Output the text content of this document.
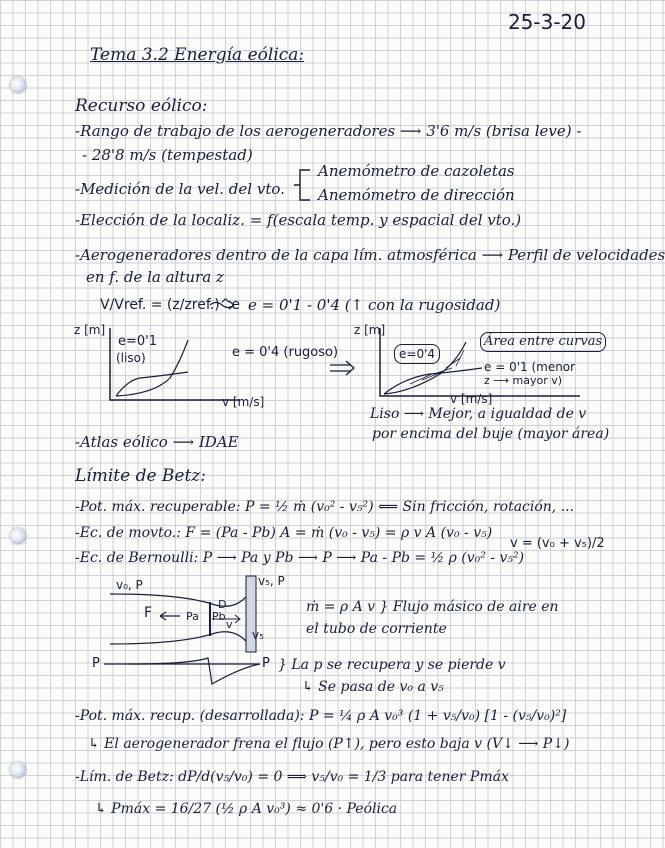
25-3-20
Tema 3.2 Energía eólica:
Recurso eólico:
-Rango de trabajo de los aerogeneradores ⟶ 3'6 m/s (brisa leve) -
- 28'8 m/s (tempestad)
-Medición de la vel. del vto.
Anemómetro de cazoletas
Anemómetro de dirección
-Elección de la localiz. = f(escala temp. y espacial del vto.)
-Aerogeneradores dentro de la capa lím. atmosférica ⟶ Perfil de velocidades
en f. de la altura z
V/Vref. = (z/zref.)^e e = 0'1 - 0'4 (↑ con la rugosidad)
z [m]
e=0'1
(liso)	e = 0'4 (rugoso)
v [m/s]
z [m]
e=0'4
Área entre curvas
e = 0'1 (menor
z ⟶ mayor v)
v [m/s]
Liso ⟶ Mejor, a igualdad de v
por encima del buje (mayor área)
-Atlas eólico ⟶ IDAE
Límite de Betz:
-Pot. máx. recuperable: P = ½ ṁ (v₀² - v₅²) ⟸ Sin fricción, rotación, ...
-Ec. de movto.: F = (Pa - Pb) A = ṁ (v₀ - v₅) = ρ v A (v₀ - v₅)
-Ec. de Bernoulli: P ⟶ Pa y Pb ⟶ P ⟶ Pa - Pb = ½ ρ (v₀² - v₅²)
v = (v₀ + v₅)/2
v₀, P
F	Pa Pb
D
v
v₅
v₅, P
P	P
ṁ = ρ A v } Flujo másico de aire en
el tubo de corriente
} La p se recupera y se pierde v
↳ Se pasa de v₀ a v₅
-Pot. máx. recup. (desarrollada): P = ¼ ρ A v₀³ (1 + v₅/v₀) [1 - (v₅/v₀)²]
↳ El aerogenerador frena el flujo (P↑), pero esto baja v (V↓ ⟶ P↓)
-Lím. de Betz: dP/d(v₅/v₀) = 0 ⟹ v₅/v₀ = 1/3 para tener Pmáx
↳ Pmáx = 16/27 (½ ρ A v₀³) ≈ 0'6 · Peólica
